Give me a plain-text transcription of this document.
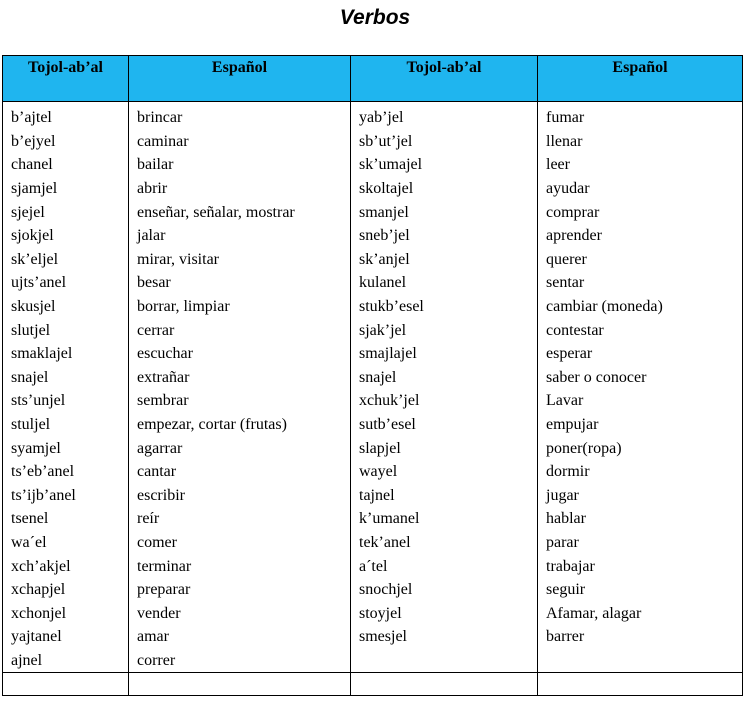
Verbos
Tojol-ab’al	Español	Tojol-ab’al	Español
b’ajtel	brincar	yab’jel	fumar
b’ejyel	caminar	sb’ut’jel	llenar
chanel	bailar	sk’umajel	leer
sjamjel	abrir	skoltajel	ayudar
sjejel	enseñar, señalar, mostrar	smanjel	comprar
sjokjel	jalar	sneb’jel	aprender
sk’eljel	mirar, visitar	sk’anjel	querer
ujts’anel	besar	kulanel	sentar
skusjel	borrar, limpiar	stukb’esel	cambiar (moneda)
slutjel	cerrar	sjak’jel	contestar
smaklajel	escuchar	smajlajel	esperar
snajel	extrañar	snajel	saber o conocer
sts’unjel	sembrar	xchuk’jel	Lavar
stuljel	empezar, cortar (frutas)	sutb’esel	empujar
syamjel	agarrar	slapjel	poner(ropa)
ts’eb’anel	cantar	wayel	dormir
ts’ijb’anel	escribir	tajnel	jugar
tsenel	reír	k’umanel	hablar
wa´el	comer	tek’anel	parar
xch’akjel	terminar	a´tel	trabajar
xchapjel	preparar	snochjel	seguir
xchonjel	vender	stoyjel	Afamar, alagar
yajtanel	amar	smesjel	barrer
ajnel	correr		
